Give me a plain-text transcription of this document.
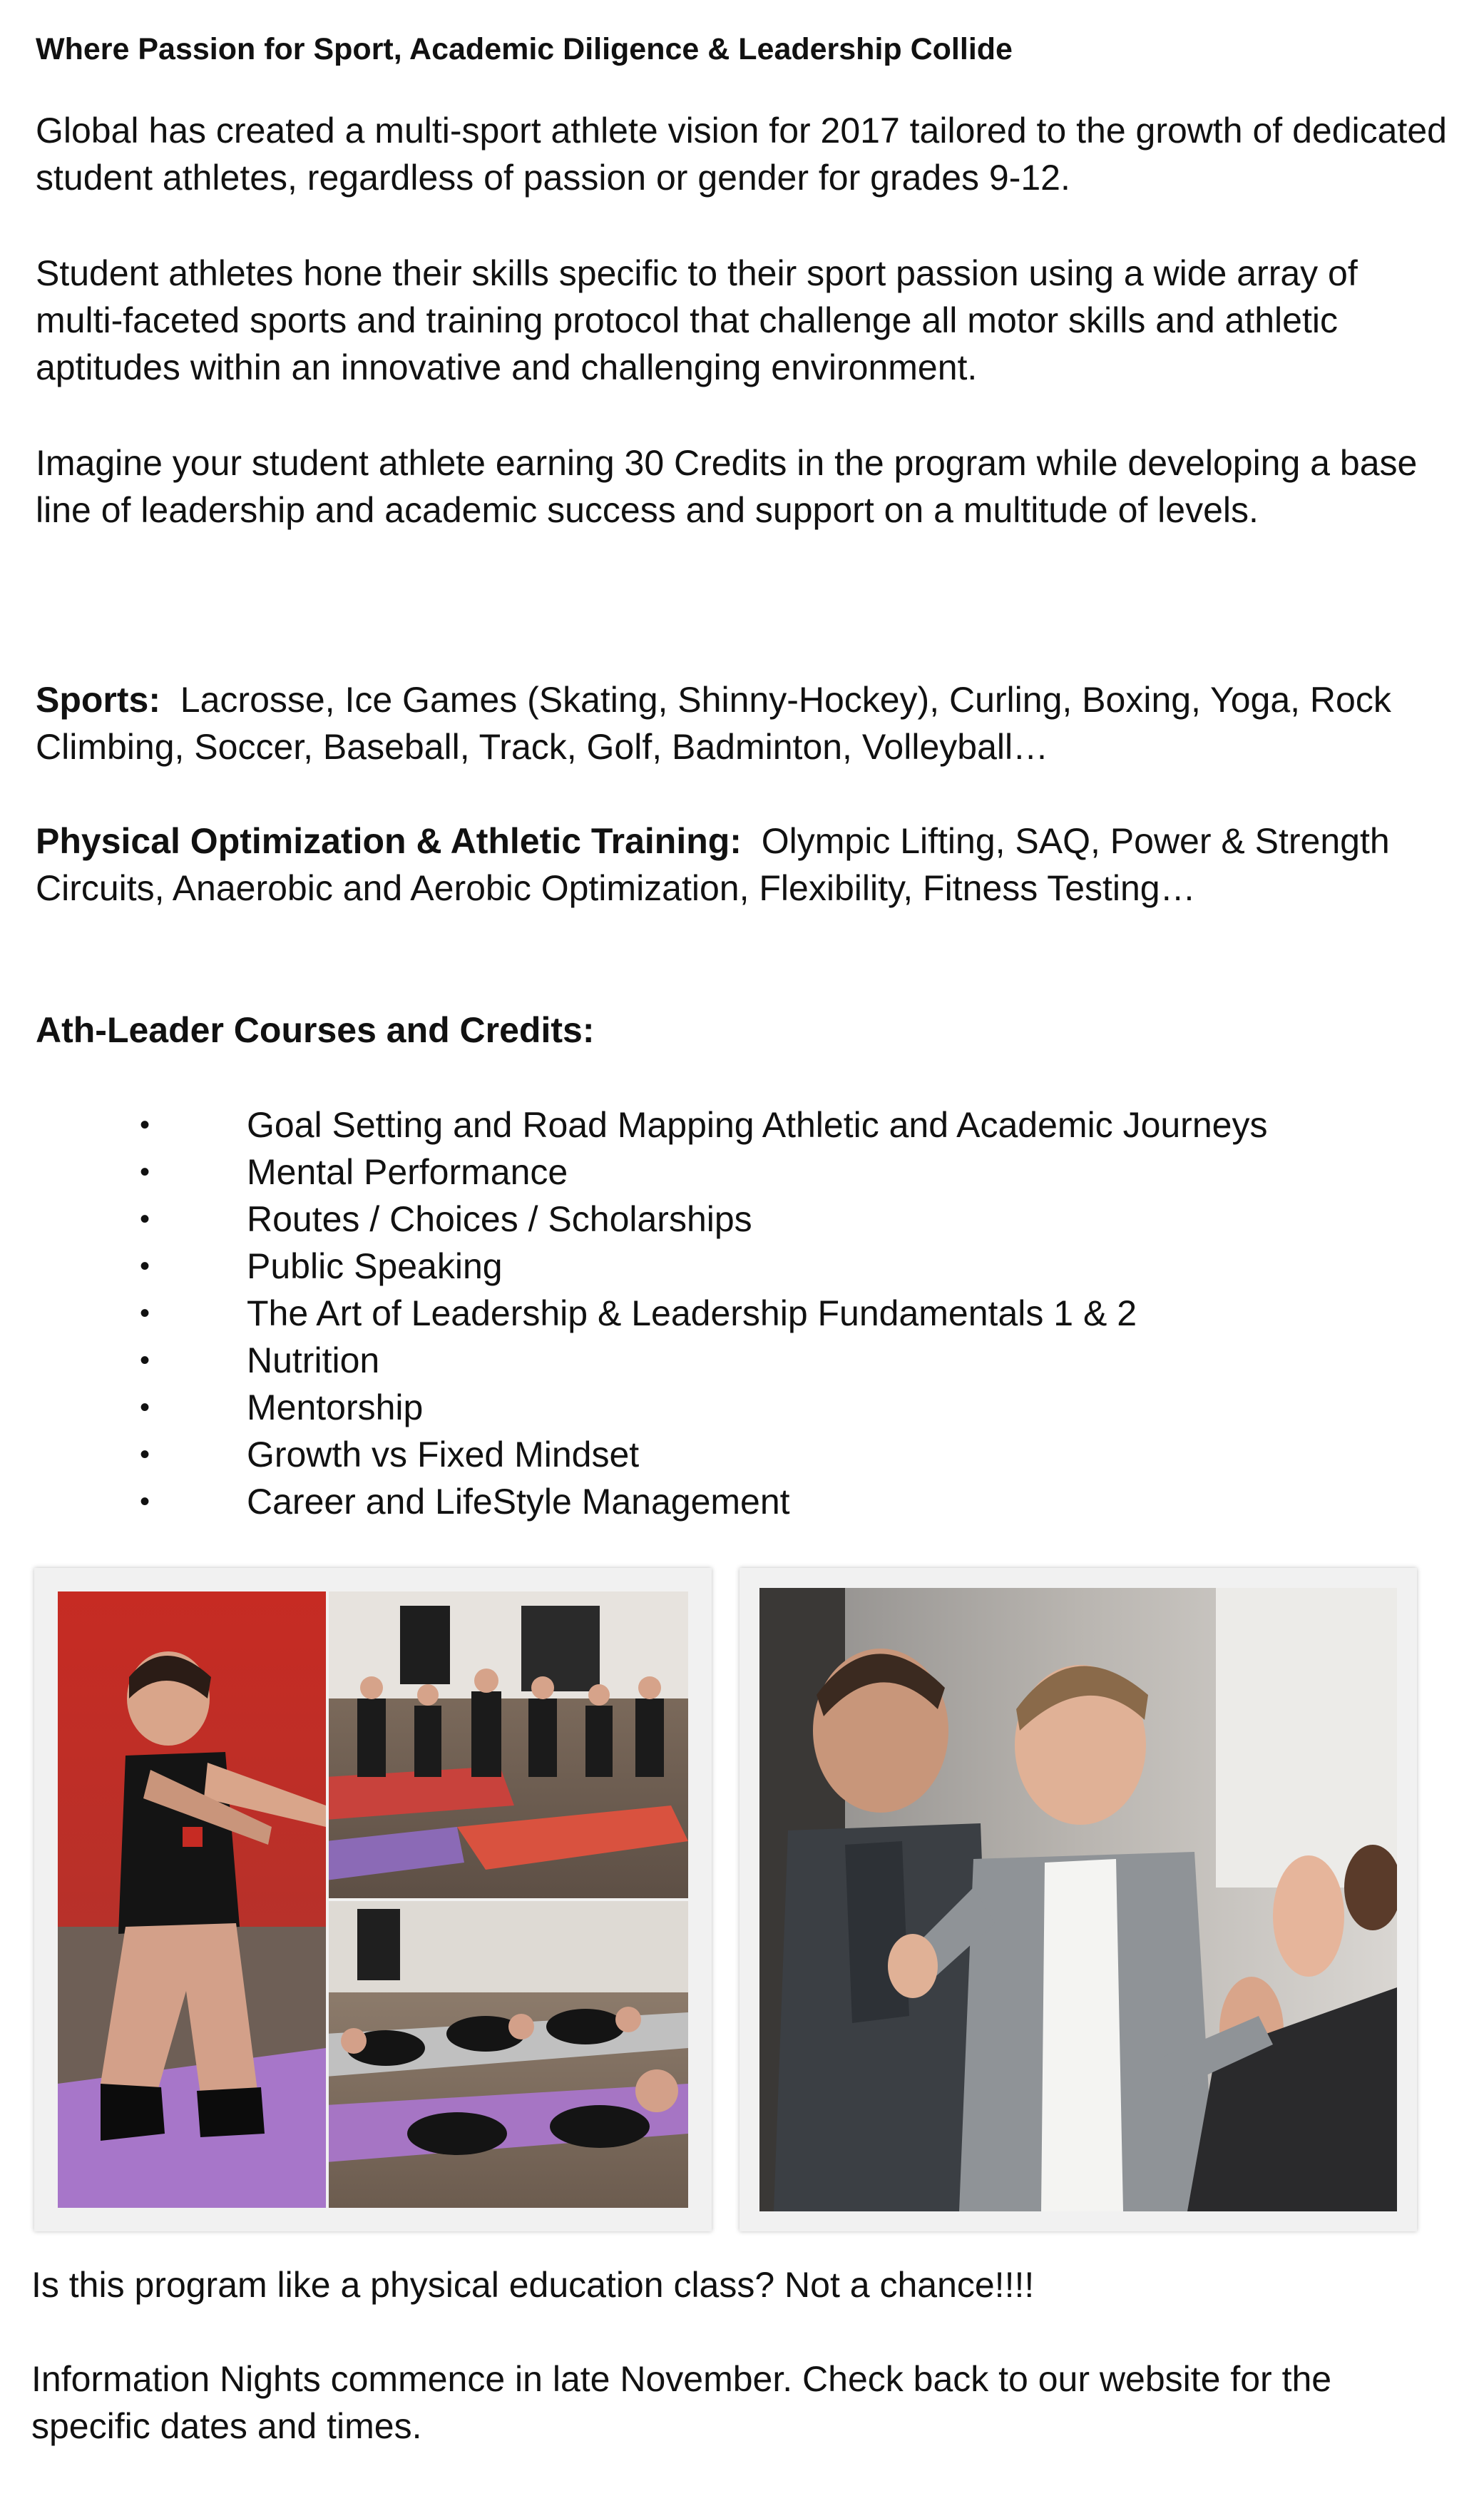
Where Passion for Sport, Academic Diligence & Leadership Collide

Global has created a multi-sport athlete vision for 2017 tailored to the growth of dedicated student athletes, regardless of passion or gender for grades 9-12.

Student athletes hone their skills specific to their sport passion using a wide array of multi-faceted sports and training protocol that challenge all motor skills and athletic aptitudes within an innovative and challenging environment.

Imagine your student athlete earning 30 Credits in the program while developing a base line of leadership and academic success and support on a multitude of levels.

Sports: Lacrosse, Ice Games (Skating, Shinny-Hockey), Curling, Boxing, Yoga, Rock Climbing, Soccer, Baseball, Track, Golf, Badminton, Volleyball…

Physical Optimization & Athletic Training: Olympic Lifting, SAQ, Power & Strength Circuits, Anaerobic and Aerobic Optimization, Flexibility, Fitness Testing…

Ath-Leader Courses and Credits:
•	Goal Setting and Road Mapping Athletic and Academic Journeys
•	Mental Performance
•	Routes / Choices / Scholarships
•	Public Speaking
•	The Art of Leadership & Leadership Fundamentals 1 & 2
•	Nutrition
•	Mentorship
•	Growth vs Fixed Mindset
•	Career and LifeStyle Management

Is this program like a physical education class? Not a chance!!!!

Information Nights commence in late November. Check back to our website for the specific dates and times.
